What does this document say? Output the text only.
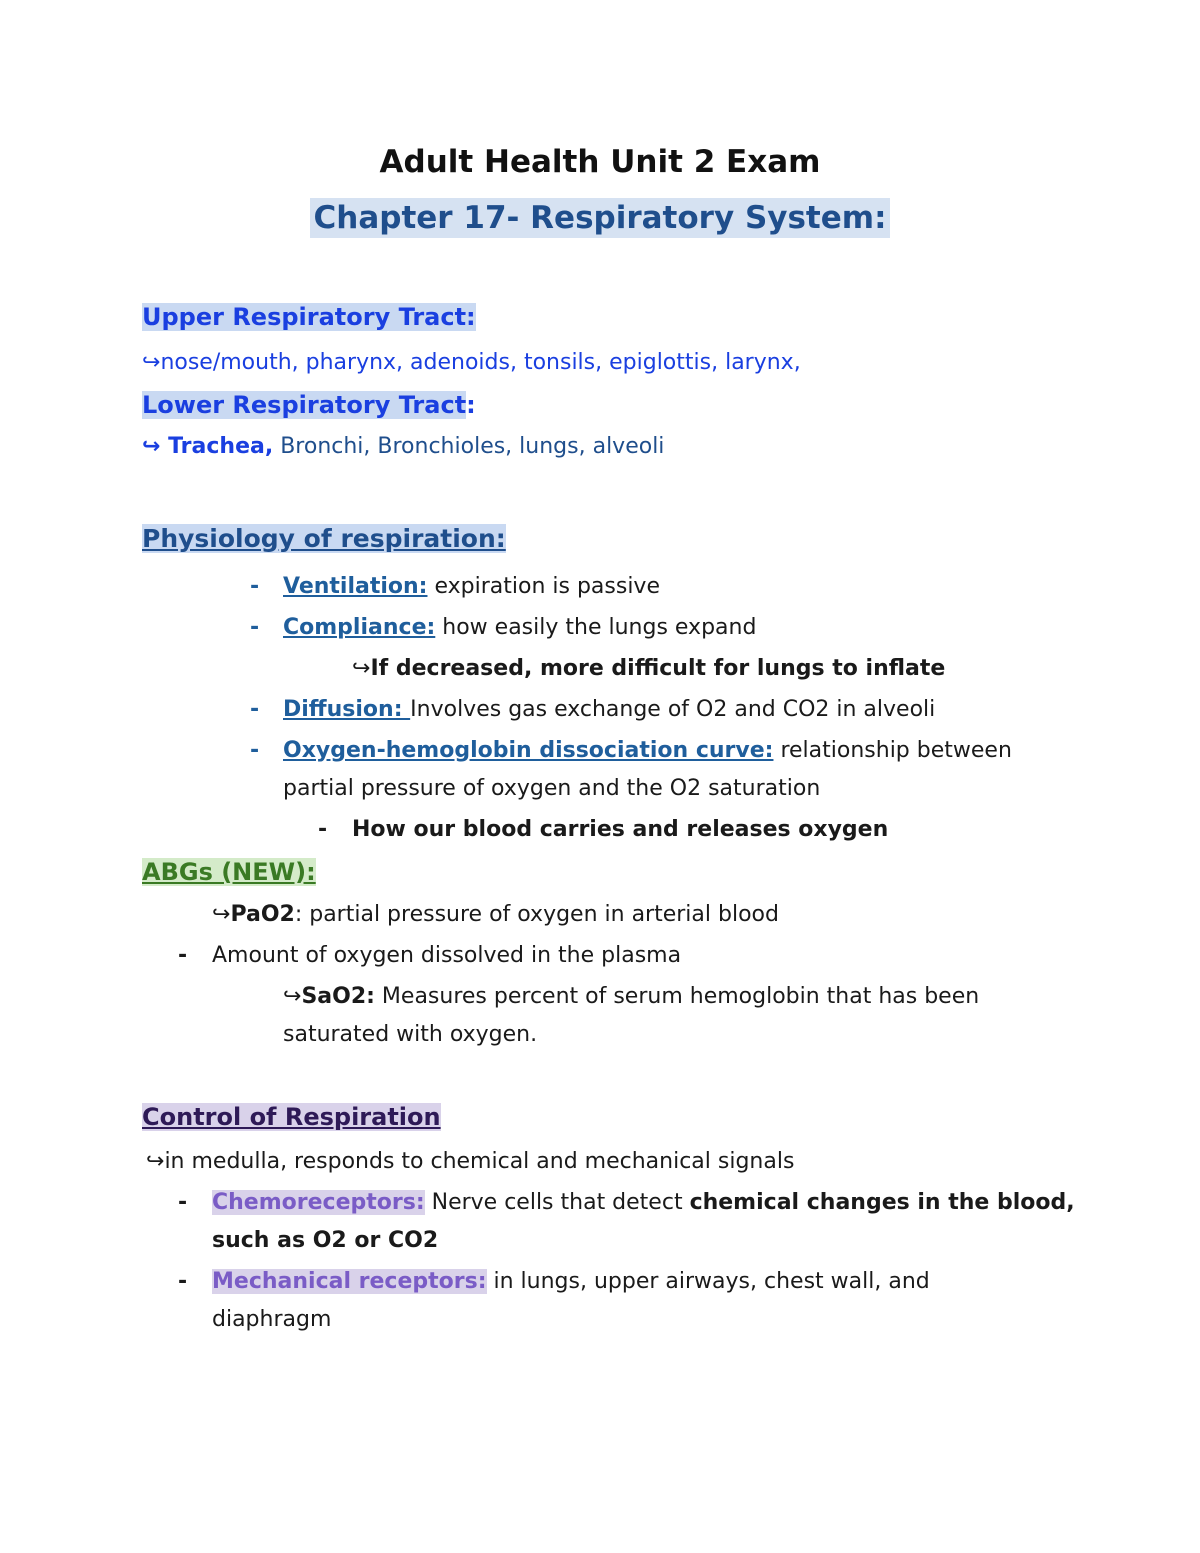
Adult Health Unit 2 Exam
Chapter 17- Respiratory System:
Upper Respiratory Tract:
↪nose/mouth, pharynx, adenoids, tonsils, epiglottis, larynx,
Lower Respiratory Tract:
↪ Trachea, Bronchi, Bronchioles, lungs, alveoli
Physiology of respiration:
- Ventilation: expiration is passive
- Compliance: how easily the lungs expand
↪If decreased, more difficult for lungs to inflate
- Diffusion: Involves gas exchange of O2 and CO2 in alveoli
- Oxygen-hemoglobin dissociation curve: relationship between
partial pressure of oxygen and the O2 saturation
- How our blood carries and releases oxygen
ABGs (NEW):
↪PaO2: partial pressure of oxygen in arterial blood
- Amount of oxygen dissolved in the plasma
↪SaO2: Measures percent of serum hemoglobin that has been
saturated with oxygen.
Control of Respiration
↪in medulla, responds to chemical and mechanical signals
- Chemoreceptors: Nerve cells that detect chemical changes in the blood,
such as O2 or CO2
- Mechanical receptors: in lungs, upper airways, chest wall, and
diaphragm
